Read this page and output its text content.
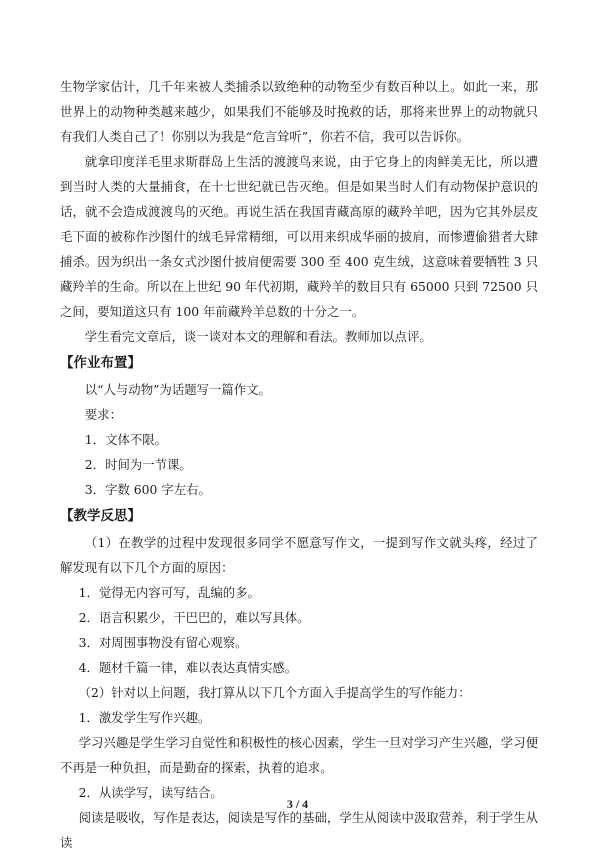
生物学家估计，几千年来被人类捕杀以致绝种的动物至少有数百种以上。如此一来，那世界上的动物种类越来越少，如果我们不能够及时挽救的话，那将来世界上的动物就只有我们人类自己了！你别以为我是“危言耸听”，你若不信，我可以告诉你。

就拿印度洋毛里求斯群岛上生活的渡渡鸟来说，由于它身上的肉鲜美无比，所以遭到当时人类的大量捕食，在十七世纪就已告灭绝。但是如果当时人们有动物保护意识的话，就不会造成渡渡鸟的灭绝。再说生活在我国青藏高原的藏羚羊吧，因为它其外层皮毛下面的被称作沙图什的绒毛异常精细，可以用来织成华丽的披肩，而惨遭偷猎者大肆捕杀。因为织出一条女式沙图什披肩便需要 300 至 400 克生绒，这意味着要牺牲 3 只藏羚羊的生命。所以在上世纪 90 年代初期，藏羚羊的数目只有 65000 只到 72500 只之间，要知道这只有 100 年前藏羚羊总数的十分之一。

学生看完文章后，谈一谈对本文的理解和看法。教师加以点评。

【作业布置】

以“人与动物”为话题写一篇作文。

要求：

1．文体不限。

2．时间为一节课。

3．字数 600 字左右。

【教学反思】

（1）在教学的过程中发现很多同学不愿意写作文，一提到写作文就头疼，经过了解发现有以下几个方面的原因：

1．觉得无内容可写，乱编的多。

2．语言积累少，干巴巴的，难以写具体。

3．对周围事物没有留心观察。

4．题材千篇一律，难以表达真情实感。

（2）针对以上问题，我打算从以下几个方面入手提高学生的写作能力：

1．激发学生写作兴趣。

学习兴趣是学生学习自觉性和积极性的核心因素，学生一旦对学习产生兴趣，学习便不再是一种负担，而是勤奋的探索，执着的追求。

2．从读学写，读写结合。

阅读是吸收，写作是表达，阅读是写作的基础，学生从阅读中汲取营养，利于学生从读

3 / 4
